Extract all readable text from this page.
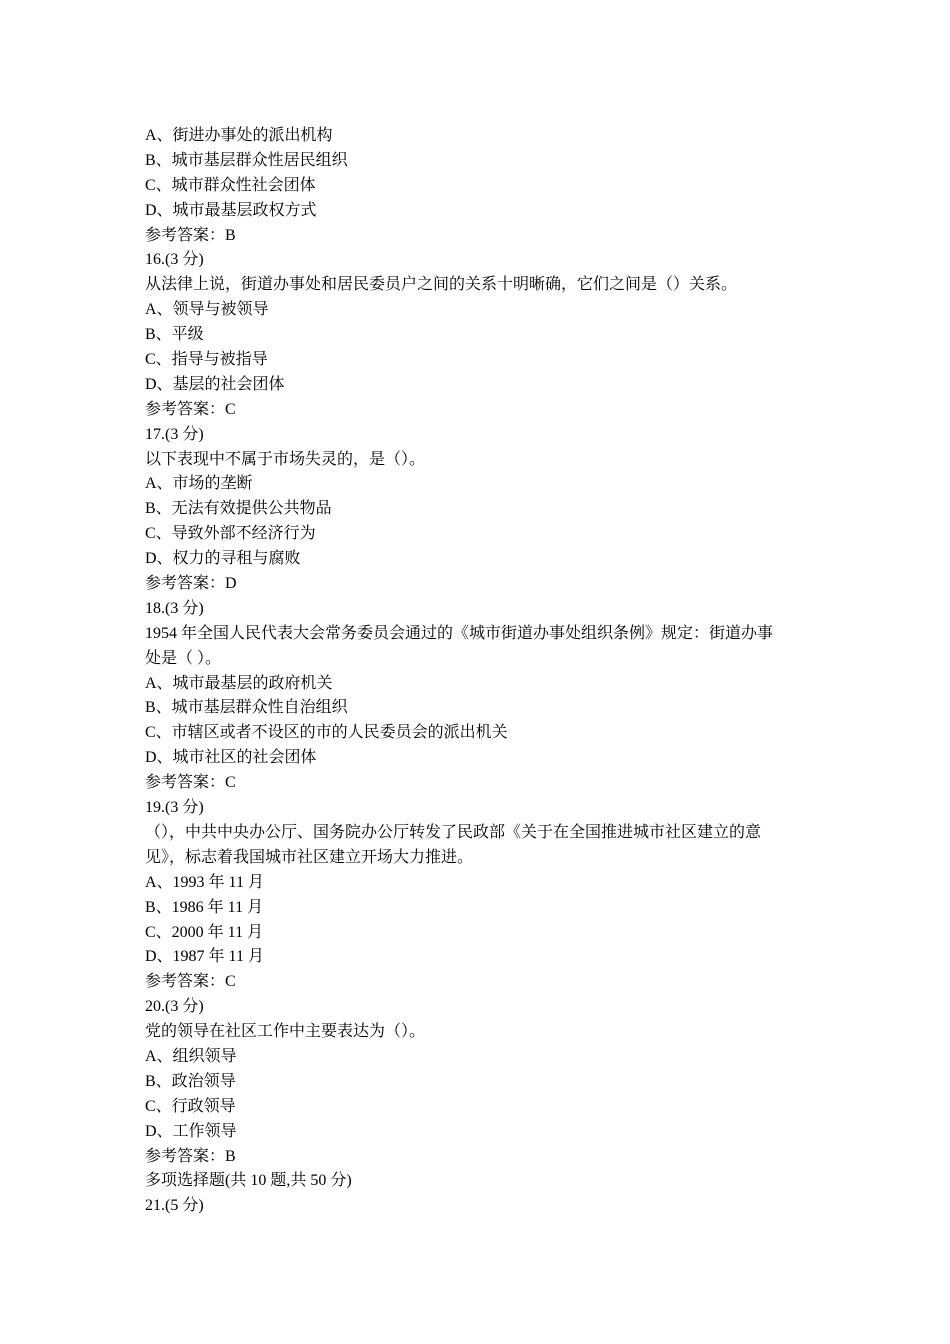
A、街进办事处的派出机构
B、城市基层群众性居民组织
C、城市群众性社会团体
D、城市最基层政权方式
参考答案：B
16.(3 分)
从法律上说，街道办事处和居民委员户之间的关系十明晰确，它们之间是（）关系。
A、领导与被领导
B、平级
C、指导与被指导
D、基层的社会团体
参考答案：C
17.(3 分)
以下表现中不属于市场失灵的，是（）。
A、市场的垄断
B、无法有效提供公共物品
C、导致外部不经济行为
D、权力的寻租与腐败
参考答案：D
18.(3 分)
1954 年全国人民代表大会常务委员会通过的《城市街道办事处组织条例》规定：街道办事
处是（ ）。
A、城市最基层的政府机关
B、城市基层群众性自治组织
C、市辖区或者不设区的市的人民委员会的派出机关
D、城市社区的社会团体
参考答案：C
19.(3 分)
（），中共中央办公厅、国务院办公厅转发了民政部《关于在全国推进城市社区建立的意
见》，标志着我国城市社区建立开场大力推进。
A、1993 年 11 月
B、1986 年 11 月
C、2000 年 11 月
D、1987 年 11 月
参考答案：C
20.(3 分)
党的领导在社区工作中主要表达为（）。
A、组织领导
B、政治领导
C、行政领导
D、工作领导
参考答案：B
多项选择题(共 10 题,共 50 分)
21.(5 分)
